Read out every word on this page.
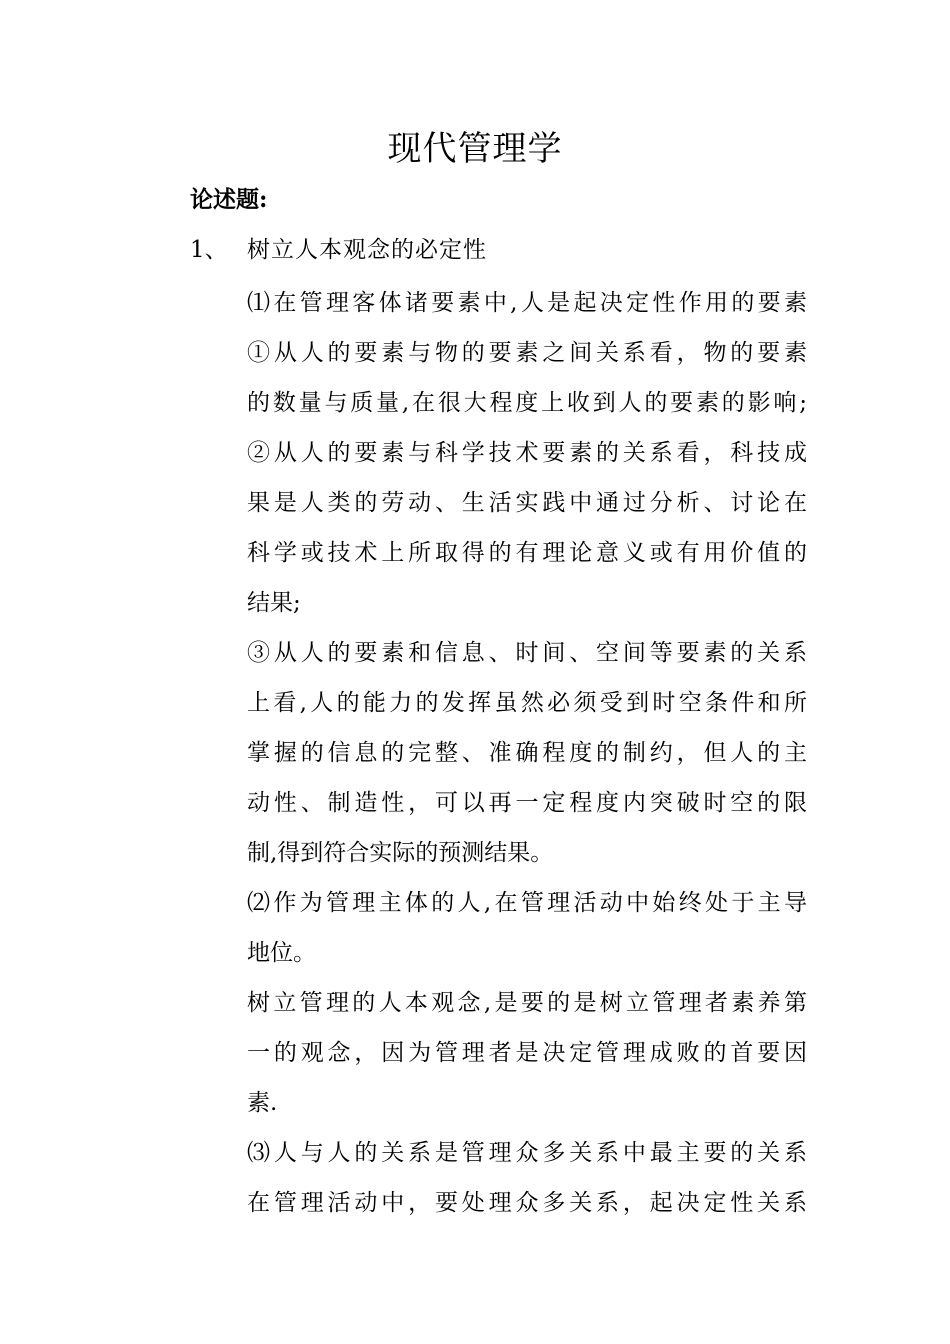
现代管理学
论述题:
1、 树立人本观念的必定性
⑴在管理客体诸要素中,人是起决定性作用的要素
①从人的要素与物的要素之间关系看，物的要素
的数量与质量,在很大程度上收到人的要素的影响;
②从人的要素与科学技术要素的关系看，科技成
果是人类的劳动、生活实践中通过分析、讨论在
科学或技术上所取得的有理论意义或有用价值的
结果;
③从人的要素和信息、时间、空间等要素的关系
上看,人的能力的发挥虽然必须受到时空条件和所
掌握的信息的完整、准确程度的制约，但人的主
动性、制造性，可以再一定程度内突破时空的限
制,得到符合实际的预测结果。
⑵作为管理主体的人,在管理活动中始终处于主导
地位。
树立管理的人本观念,是要的是树立管理者素养第
一的观念，因为管理者是决定管理成败的首要因
素.
⑶人与人的关系是管理众多关系中最主要的关系
在管理活动中，要处理众多关系，起决定性关系
